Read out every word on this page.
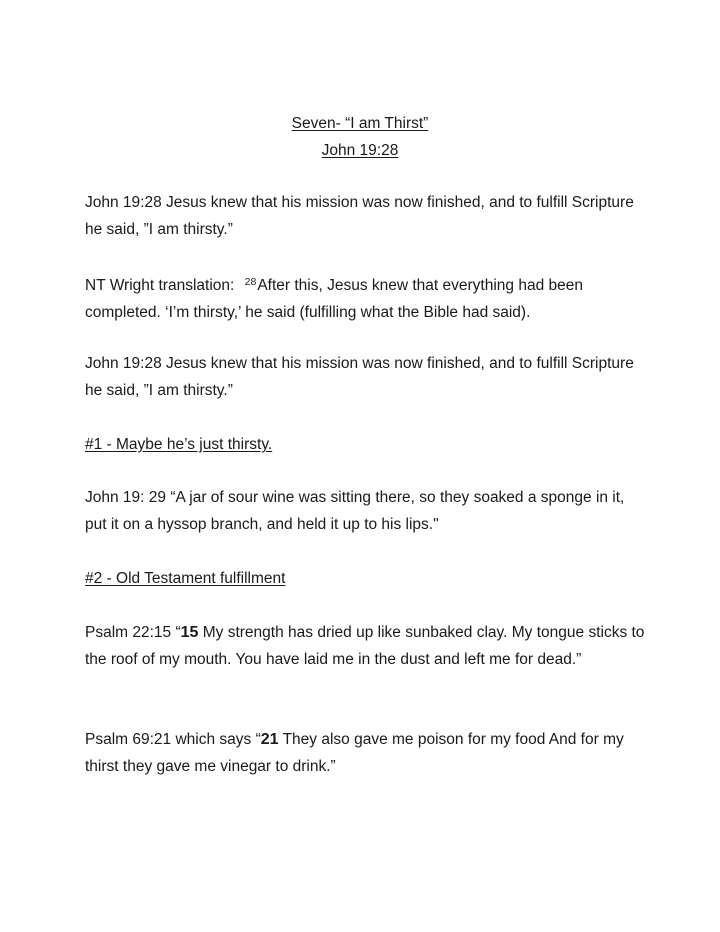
Seven- “I am Thirst”
John 19:28
John 19:28 Jesus knew that his mission was now finished, and to fulfill Scripture he said, ”I am thirsty.”
NT Wright translation: $^{28}$After this, Jesus knew that everything had been completed. ‘I’m thirsty,’ he said (fulfilling what the Bible had said).
John 19:28 Jesus knew that his mission was now finished, and to fulfill Scripture he said, ”I am thirsty.”
#1 - Maybe he’s just thirsty.
John 19: 29 “A jar of sour wine was sitting there, so they soaked a sponge in it, put it on a hyssop branch, and held it up to his lips."
#2 - Old Testament fulfillment
Psalm 22:15 “15 My strength has dried up like sunbaked clay. My tongue sticks to the roof of my mouth. You have laid me in the dust and left me for dead.”
Psalm 69:21 which says “21 They also gave me poison for my food And for my thirst they gave me vinegar to drink.”
